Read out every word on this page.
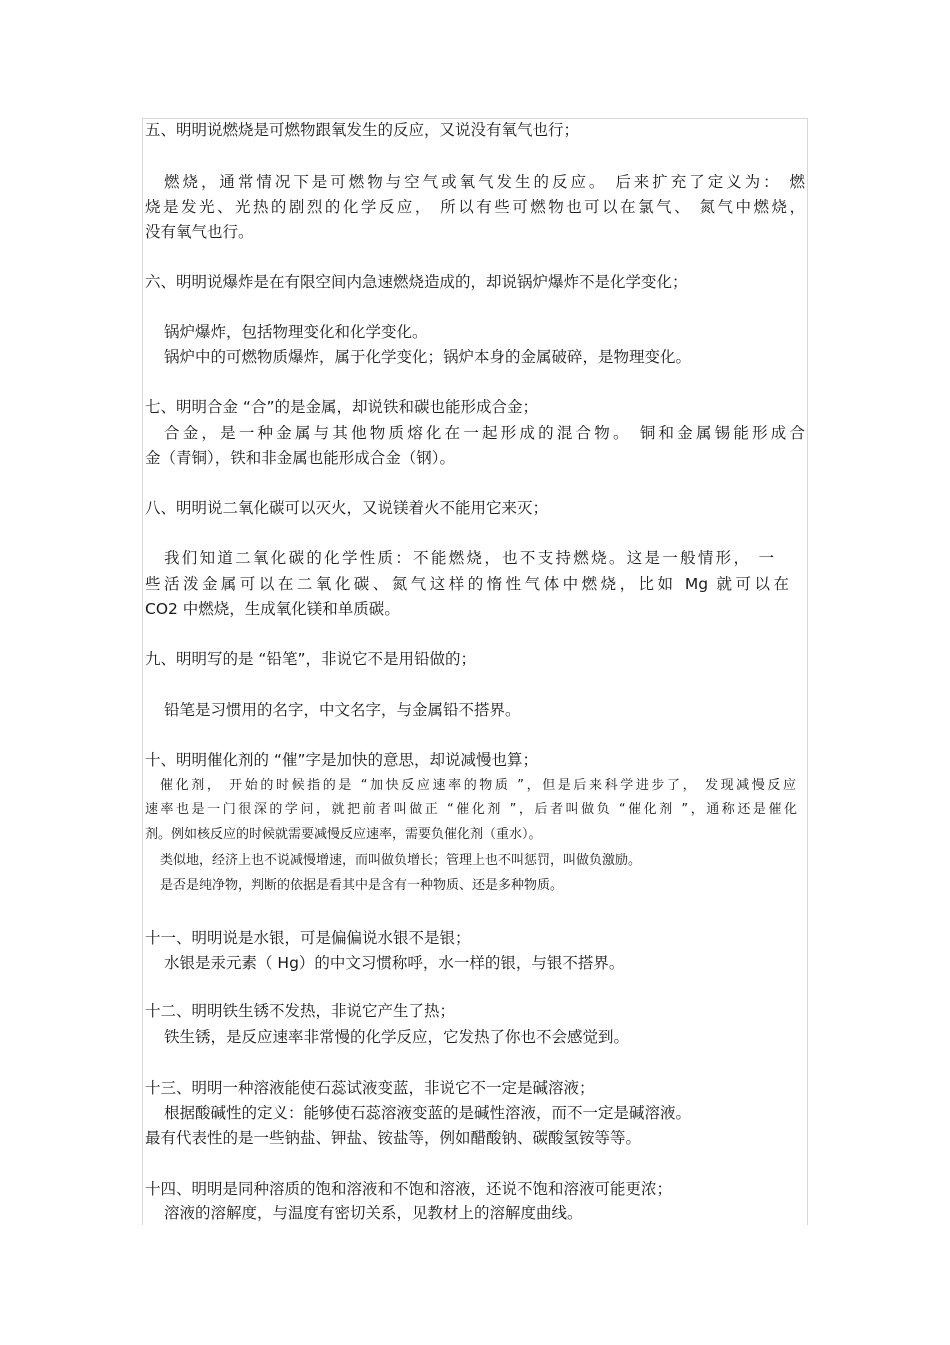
五、明明说燃烧是可燃物跟氧发生的反应，又说没有氧气也行；
燃烧，通常情况下是可燃物与空气或氧气发生的反应。 后来扩充了定义为： 燃
烧是发光、光热的剧烈的化学反应， 所以有些可燃物也可以在氯气、 氮气中燃烧，
没有氧气也行。
六、明明说爆炸是在有限空间内急速燃烧造成的，却说锅炉爆炸不是化学变化；
锅炉爆炸，包括物理变化和化学变化。
锅炉中的可燃物质爆炸，属于化学变化；锅炉本身的金属破碎，是物理变化。
七、明明合金 “合”的是金属，却说铁和碳也能形成合金；
合金，是一种金属与其他物质熔化在一起形成的混合物。 铜和金属锡能形成合
金（青铜），铁和非金属也能形成合金（钢）。
八、明明说二氧化碳可以灭火，又说镁着火不能用它来灭；
我们知道二氧化碳的化学性质：不能燃烧，也不支持燃烧。这是一般情形， 一
些活泼金属可以在二氧化碳、氮气这样的惰性气体中燃烧，比如 Mg 就可以在
CO2 中燃烧，生成氧化镁和单质碳。
九、明明写的是 “铅笔”，非说它不是用铅做的；
铅笔是习惯用的名字，中文名字，与金属铅不搭界。
十、明明催化剂的 “催”字是加快的意思，却说减慢也算；
催化剂， 开始的时候指的是 “加快反应速率的物质 ”，但是后来科学进步了， 发现减慢反应
速率也是一门很深的学问，就把前者叫做正 “催化剂 ”，后者叫做负 “催化剂 ”，通称还是催化
剂。例如核反应的时候就需要减慢反应速率，需要负催化剂（重水）。
类似地，经济上也不说减慢增速，而叫做负增长；管理上也不叫惩罚，叫做负激励。
是否是纯净物，判断的依据是看其中是含有一种物质、还是多种物质。
十一、明明说是水银，可是偏偏说水银不是银；
水银是汞元素（ Hg）的中文习惯称呼，水一样的银，与银不搭界。
十二、明明铁生锈不发热，非说它产生了热；
铁生锈，是反应速率非常慢的化学反应，它发热了你也不会感觉到。
十三、明明一种溶液能使石蕊试液变蓝，非说它不一定是碱溶液；
根据酸碱性的定义：能够使石蕊溶液变蓝的是碱性溶液，而不一定是碱溶液。
最有代表性的是一些钠盐、钾盐、铵盐等，例如醋酸钠、碳酸氢铵等等。
十四、明明是同种溶质的饱和溶液和不饱和溶液，还说不饱和溶液可能更浓；
溶液的溶解度，与温度有密切关系，见教材上的溶解度曲线。
